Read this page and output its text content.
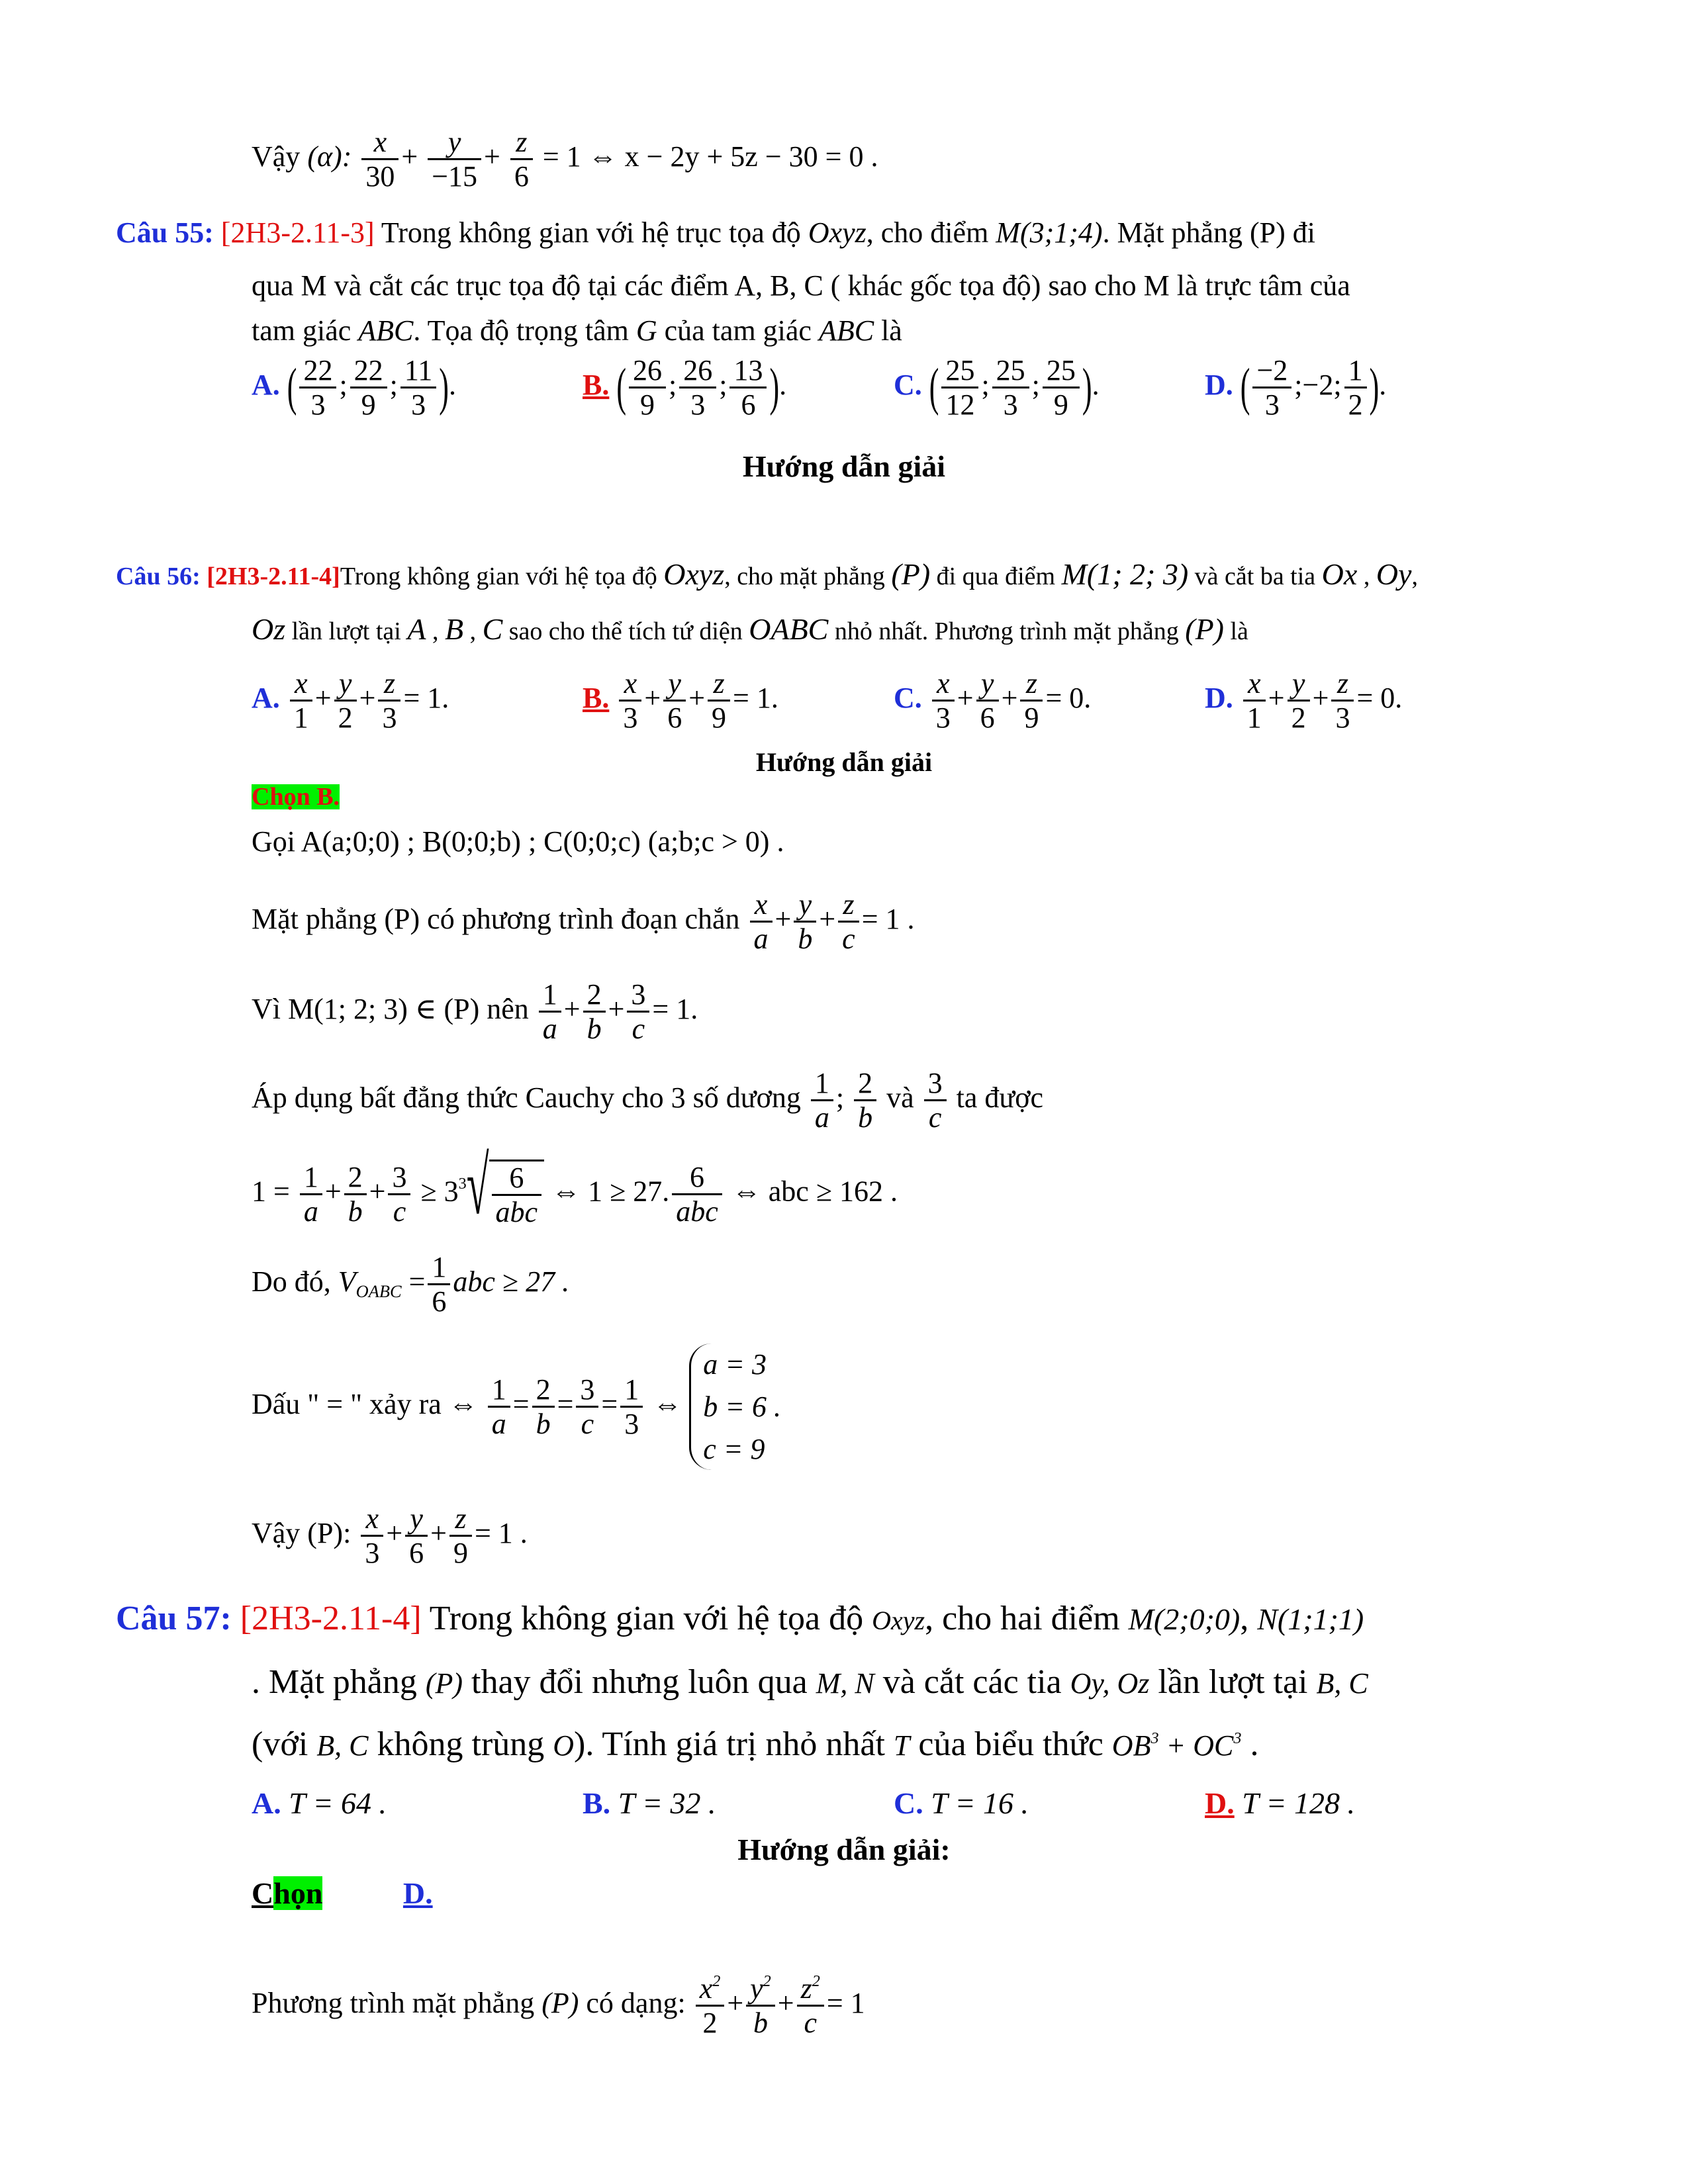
Vậy (α): $\frac{x}{30} + \frac{y}{-15} + \frac{z}{6} = 1$ ⇔ x − 2y + 5z − 30 = 0 .
Câu 55: [2H3-2.11-3] Trong không gian với hệ trục tọa độ Oxyz, cho điểm M(3;1;4). Mặt phẳng (P) đi
qua M và cắt các trục tọa độ tại các điểm A, B, C ( khác gốc tọa độ) sao cho M là trực tâm của
tam giác ABC. Tọa độ trọng tâm G của tam giác ABC là
A. ( $\frac{22}{3}$ ; $\frac{22}{9}$ ; $\frac{11}{3}$ ).	B. ( $\frac{26}{9}$ ; $\frac{26}{3}$ ; $\frac{13}{6}$ ).	C. ( $\frac{25}{12}$ ; $\frac{25}{3}$ ; $\frac{25}{9}$ ).	D. ( $\frac{-2}{3}$ ;−2; $\frac{1}{2}$ ).
Hướng dẫn giải
Câu 56: [2H3-2.11-4]Trong không gian với hệ tọa độ Oxyz, cho mặt phẳng (P) đi qua điểm M(1; 2; 3) và cắt ba tia Ox , Oy,
Oz lần lượt tại A , B , C sao cho thể tích tứ diện OABC nhỏ nhất. Phương trình mặt phẳng (P) là
A. $\frac{x}{1} + \frac{y}{2} + \frac{z}{3} = 1$.	B. $\frac{x}{3} + \frac{y}{6} + \frac{z}{9} = 1$.	C. $\frac{x}{3} + \frac{y}{6} + \frac{z}{9} = 0$.	D. $\frac{x}{1} + \frac{y}{2} + \frac{z}{3} = 0$.
Hướng dẫn giải
Chọn B.
Gọi A(a;0;0) ; B(0;0;b) ; C(0;0;c) (a;b;c > 0) .
Mặt phẳng (P) có phương trình đoạn chắn $\frac{x}{a} + \frac{y}{b} + \frac{z}{c} = 1$ .
Vì M(1; 2; 3) ∈ (P) nên $\frac{1}{a} + \frac{2}{b} + \frac{3}{c} = 1$.
Áp dụng bất đẳng thức Cauchy cho 3 số dương $\frac{1}{a}$ ; $\frac{2}{b}$ và $\frac{3}{c}$ ta được
$1 = \frac{1}{a} + \frac{2}{b} + \frac{3}{c} \ge 3^3√$ 6
abc
⇔ 1 ≥ 27. 6
abc
⇔ abc ≥ 162 .
Do đó, $V_{OABC} = \frac{1}{6}$ abc ≥ 27 .
Dấu " = " xảy ra ⇔ $\frac{1}{a} = \frac{2}{b} = \frac{3}{c} = \frac{1}{3}$ ⇔
a = 3
b = 6 .
c = 9
Vậy (P): $\frac{x}{3} + \frac{y}{6} + \frac{z}{9} = 1$ .
Câu 57: [2H3-2.11-4] Trong không gian với hệ tọa độ Oxyz, cho hai điểm M(2;0;0), N(1;1;1)
. Mặt phẳng (P) thay đổi nhưng luôn qua M, N và cắt các tia Oy, Oz lần lượt tại B, C
(với B, C không trùng O). Tính giá trị nhỏ nhất T của biểu thức $OB^3 + OC^3$ .
A. T = 64 .	B. T = 32 .	C. T = 16 .	D. T = 128 .
Hướng dẫn giải:
Chọn	D.
Phương trình mặt phẳng (P) có dạng: $\frac{x^2}{2} + \frac{y^2}{b} + \frac{z^2}{c} = 1$
